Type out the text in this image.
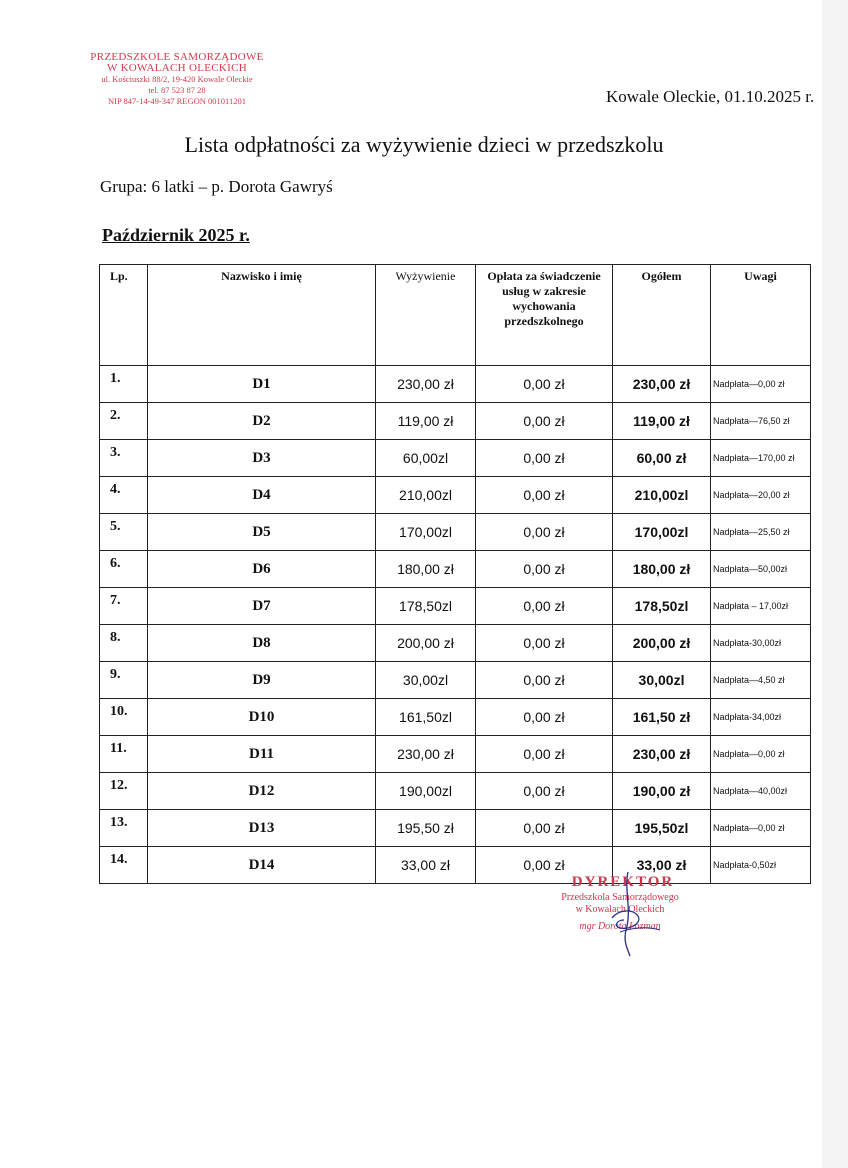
PRZEDSZKOLE SAMORZĄDOWE
W KOWALACH OLECKICH
ul. Kościuszki 88/2, 19-420 Kowale Oleckie
tel. 87 523 87 28
NIP 847-14-49-347 REGON 001011201	Kowale Oleckie, 01.10.2025 r.
Lista odpłatności za wyżywienie dzieci w przedszkolu
Grupa: 6 latki – p. Dorota Gawryś
Październik 2025 r.
Lp.	Nazwisko i imię	Wyżywienie	Opłata za świadczenie usług w zakresie wychowania przedszkolnego	Ogółem	Uwagi
1.	D1	230,00 zł	0,00 zł	230,00 zł	Nadpłata—0,00 zł
2.	D2	119,00 zł	0,00 zł	119,00 zł	Nadpłata—76,50 zł
3.	D3	60,00zl	0,00 zł	60,00 zł	Nadpłata—170,00 zł
4.	D4	210,00zl	0,00 zł	210,00zl	Nadpłata—20,00 zł
5.	D5	170,00zl	0,00 zł	170,00zl	Nadpłata—25,50 zł
6.	D6	180,00 zł	0,00 zł	180,00 zł	Nadpłata—50,00zł
7.	D7	178,50zl	0,00 zł	178,50zl	Nadpłata – 17,00zł
8.	D8	200,00 zł	0,00 zł	200,00 zł	Nadpłata-30,00zł
9.	D9	30,00zl	0,00 zł	30,00zl	Nadpłata—4,50 zł
10.	D10	161,50zl	0,00 zł	161,50 zł	Nadpłata-34,00zł
11.	D11	230,00 zł	0,00 zł	230,00 zł	Nadpłata—0,00 zł
12.	D12	190,00zl	0,00 zł	190,00 zł	Nadpłata—40,00zł
13.	D13	195,50 zł	0,00 zł	195,50zl	Nadpłata—0,00 zł
14.	D14	33,00 zł	0,00 zł	33,00 zł	Nadpłata-0,50zł
DYREKTOR
Przedszkola Samorządowego
w Kowalach Oleckich
mgr Dorota Łozman
